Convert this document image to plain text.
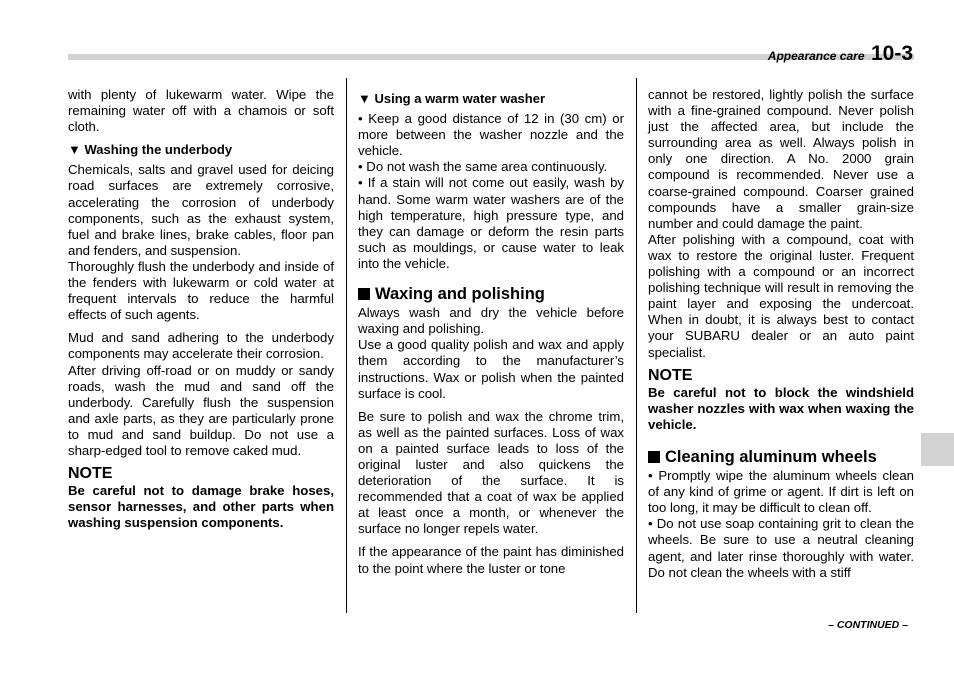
Appearance care 10-3

with plenty of lukewarm water. Wipe the remaining water off with a chamois or soft cloth.

▼ Washing the underbody

Chemicals, salts and gravel used for deicing road surfaces are extremely corrosive, accelerating the corrosion of underbody components, such as the exhaust system, fuel and brake lines, brake cables, floor pan and fenders, and suspension.

Thoroughly flush the underbody and inside of the fenders with lukewarm or cold water at frequent intervals to reduce the harmful effects of such agents.

Mud and sand adhering to the underbody components may accelerate their corrosion.

After driving off-road or on muddy or sandy roads, wash the mud and sand off the underbody. Carefully flush the suspension and axle parts, as they are particularly prone to mud and sand buildup. Do not use a sharp-edged tool to remove caked mud.

NOTE

Be careful not to damage brake hoses, sensor harnesses, and other parts when washing suspension components.

▼ Using a warm water washer

• Keep a good distance of 12 in (30 cm) or more between the washer nozzle and the vehicle.

• Do not wash the same area continuously.

• If a stain will not come out easily, wash by hand. Some warm water washers are of the high temperature, high pressure type, and they can damage or deform the resin parts such as mouldings, or cause water to leak into the vehicle.

Waxing and polishing

Always wash and dry the vehicle before waxing and polishing.

Use a good quality polish and wax and apply them according to the manufacturer’s instructions. Wax or polish when the painted surface is cool.

Be sure to polish and wax the chrome trim, as well as the painted surfaces. Loss of wax on a painted surface leads to loss of the original luster and also quickens the deterioration of the surface. It is recommended that a coat of wax be applied at least once a month, or whenever the surface no longer repels water.

If the appearance of the paint has diminished to the point where the luster or tone

cannot be restored, lightly polish the surface with a fine-grained compound. Never polish just the affected area, but include the surrounding area as well. Always polish in only one direction. A No. 2000 grain compound is recommended. Never use a coarse-grained compound. Coarser grained compounds have a smaller grain-size number and could damage the paint.

After polishing with a compound, coat with wax to restore the original luster. Frequent polishing with a compound or an incorrect polishing technique will result in removing the paint layer and exposing the undercoat. When in doubt, it is always best to contact your SUBARU dealer or an auto paint specialist.

NOTE

Be careful not to block the windshield washer nozzles with wax when waxing the vehicle.

Cleaning aluminum wheels

• Promptly wipe the aluminum wheels clean of any kind of grime or agent. If dirt is left on too long, it may be difficult to clean off.

• Do not use soap containing grit to clean the wheels. Be sure to use a neutral cleaning agent, and later rinse thoroughly with water. Do not clean the wheels with a stiff

– CONTINUED –
